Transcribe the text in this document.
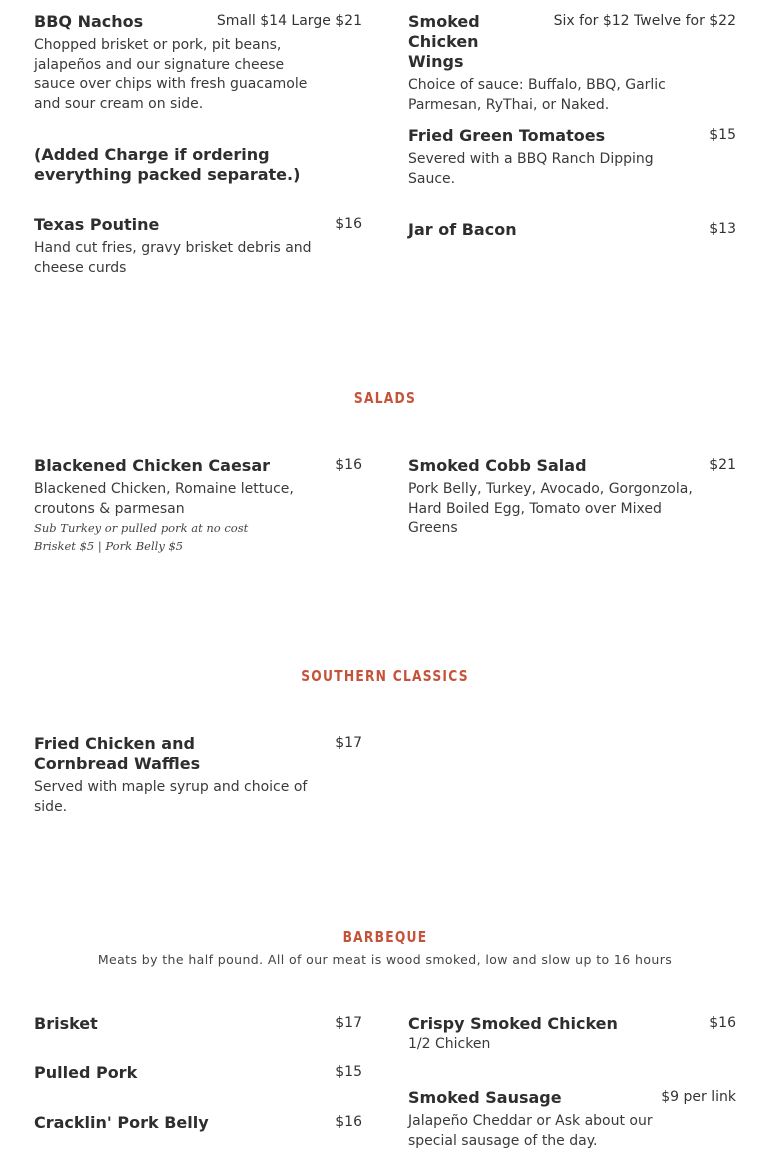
BBQ Nachos	Small $14 Large $21
Chopped brisket or pork, pit beans, jalapeños and our signature cheese sauce over chips with fresh guacamole and sour cream on side.
(Added Charge if ordering everything packed separate.)
Texas Poutine	$16
Hand cut fries, gravy brisket debris and cheese curds
Smoked Chicken Wings
Six for $12 Twelve for $22
Choice of sauce: Buffalo, BBQ, Garlic Parmesan, RyThai, or Naked.
Fried Green Tomatoes	$15
Severed with a BBQ Ranch Dipping Sauce.
Jar of Bacon	$13
SALADS
Blackened Chicken Caesar	$16
Blackened Chicken, Romaine lettuce, croutons & parmesan
Sub Turkey or pulled pork at no cost
Brisket $5 | Pork Belly $5
Smoked Cobb Salad	$21
Pork Belly, Turkey, Avocado, Gorgonzola, Hard Boiled Egg, Tomato over Mixed Greens
SOUTHERN CLASSICS
Fried Chicken and Cornbread Waffles
$17
Served with maple syrup and choice of side.
BARBEQUE
Meats by the half pound. All of our meat is wood smoked, low and slow up to 16 hours
Brisket	$17
Pulled Pork	$15
Cracklin' Pork Belly	$16
Crispy Smoked Chicken	$16
1/2 Chicken
Smoked Sausage	$9 per link
Jalapeño Cheddar or Ask about our special sausage of the day.
